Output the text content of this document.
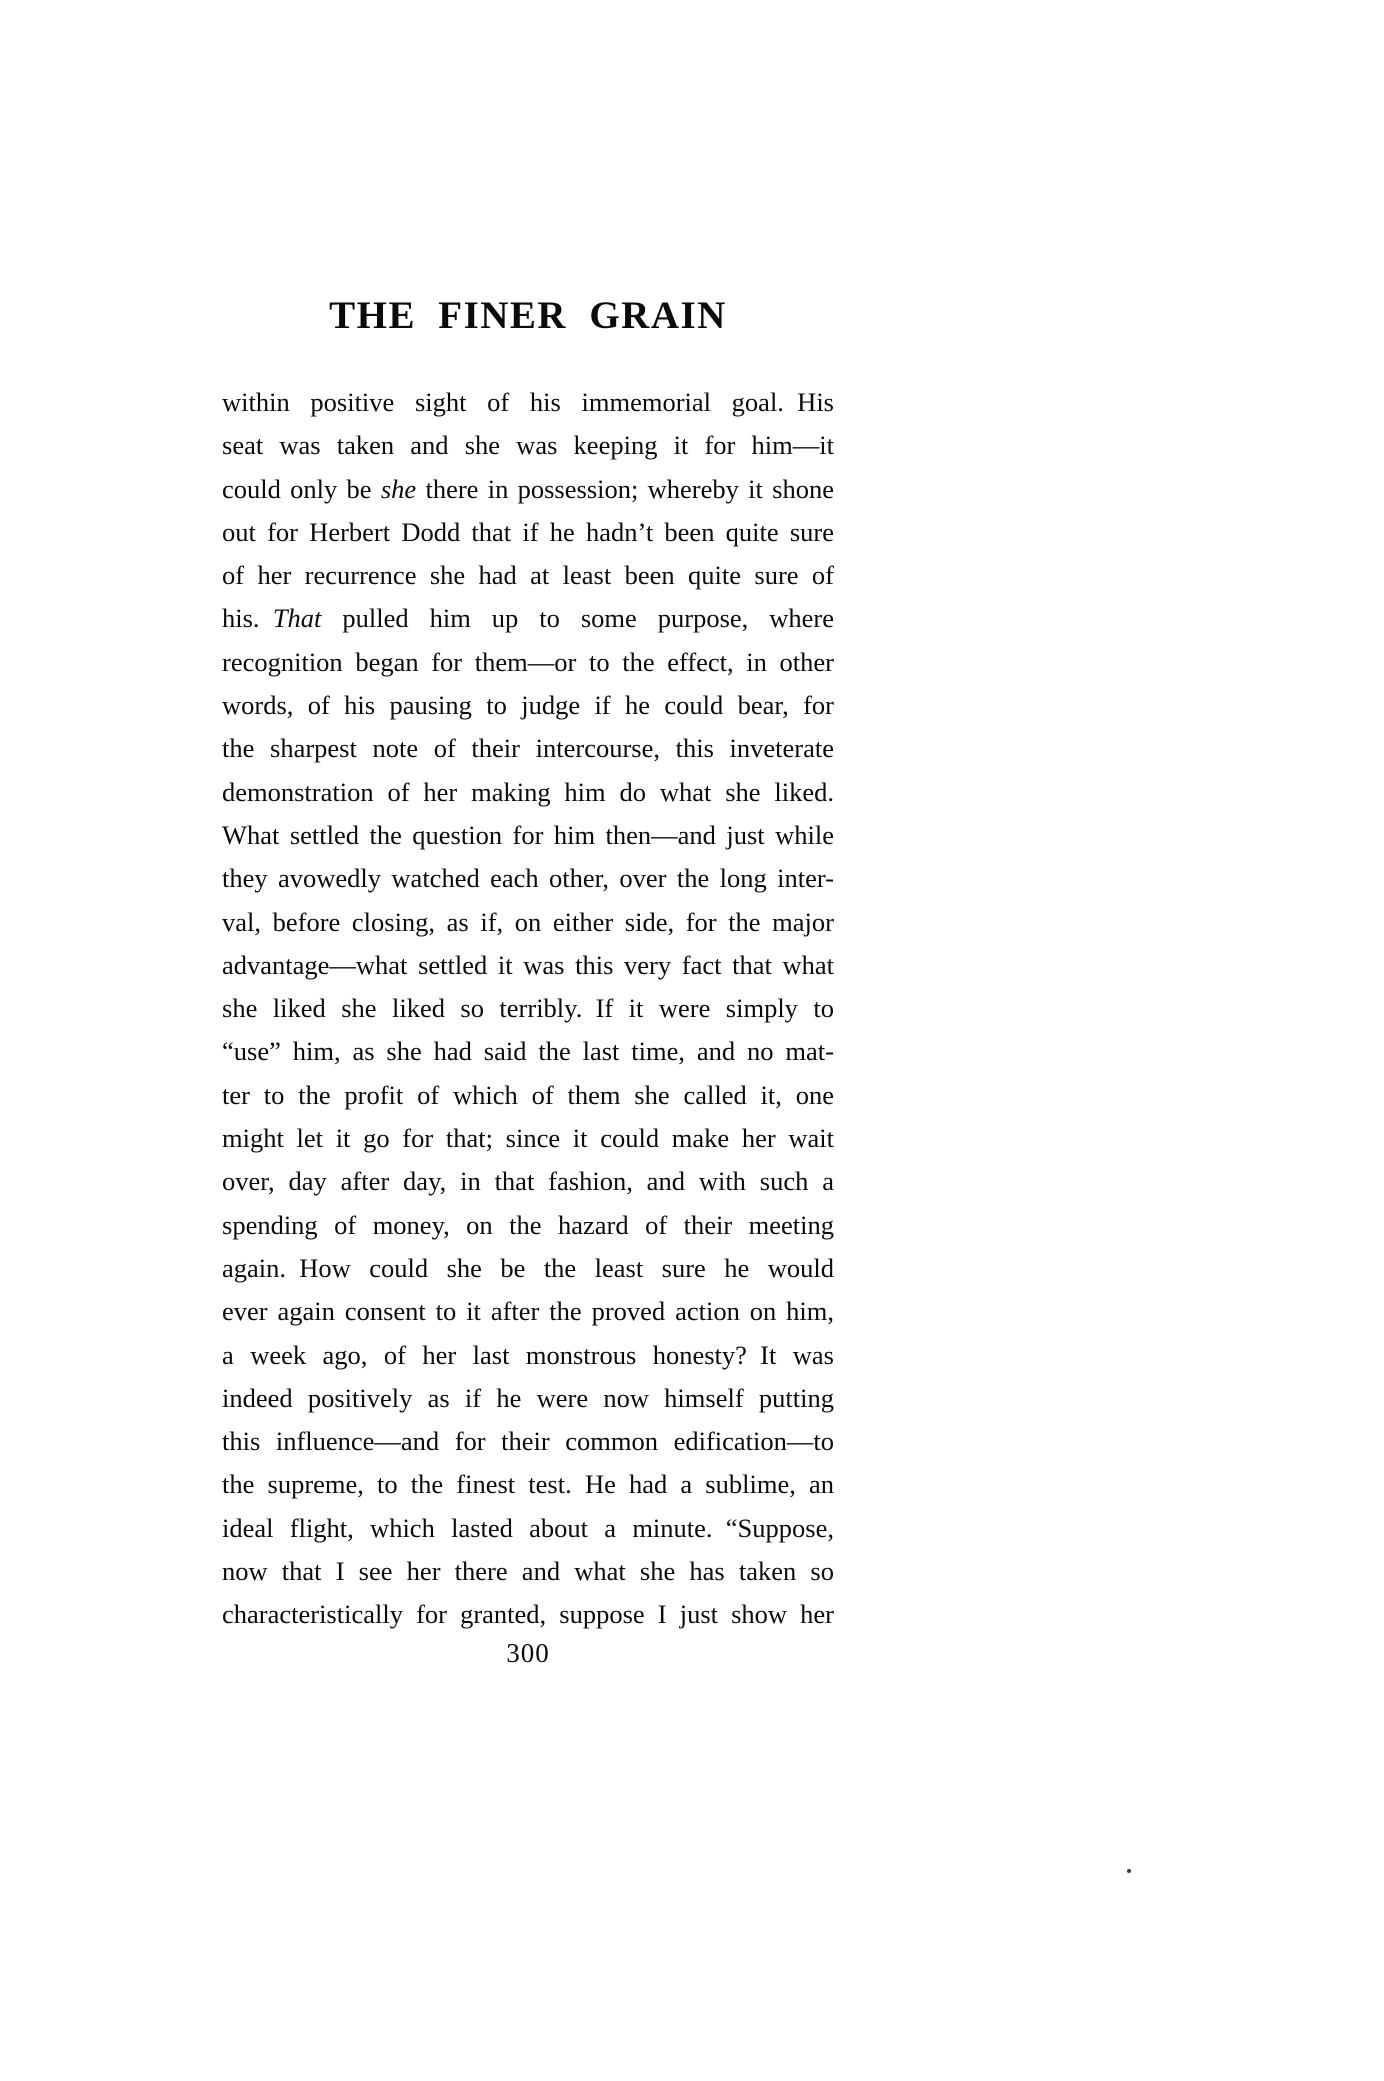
THE FINER GRAIN
within positive sight of his immemorial goal. His
seat was taken and she was keeping it for him—it
could only be she there in possession; whereby it shone
out for Herbert Dodd that if he hadn’t been quite sure
of her recurrence she had at least been quite sure of
his. That pulled him up to some purpose, where
recognition began for them—or to the effect, in other
words, of his pausing to judge if he could bear, for
the sharpest note of their intercourse, this inveterate
demonstration of her making him do what she liked.
What settled the question for him then—and just while
they avowedly watched each other, over the long inter-
val, before closing, as if, on either side, for the major
advantage—what settled it was this very fact that what
she liked she liked so terribly. If it were simply to
“use” him, as she had said the last time, and no mat-
ter to the profit of which of them she called it, one
might let it go for that; since it could make her wait
over, day after day, in that fashion, and with such a
spending of money, on the hazard of their meeting
again. How could she be the least sure he would
ever again consent to it after the proved action on him,
a week ago, of her last monstrous honesty? It was
indeed positively as if he were now himself putting
this influence—and for their common edification—to
the supreme, to the finest test. He had a sublime, an
ideal flight, which lasted about a minute. “Suppose,
now that I see her there and what she has taken so
characteristically for granted, suppose I just show her
300
